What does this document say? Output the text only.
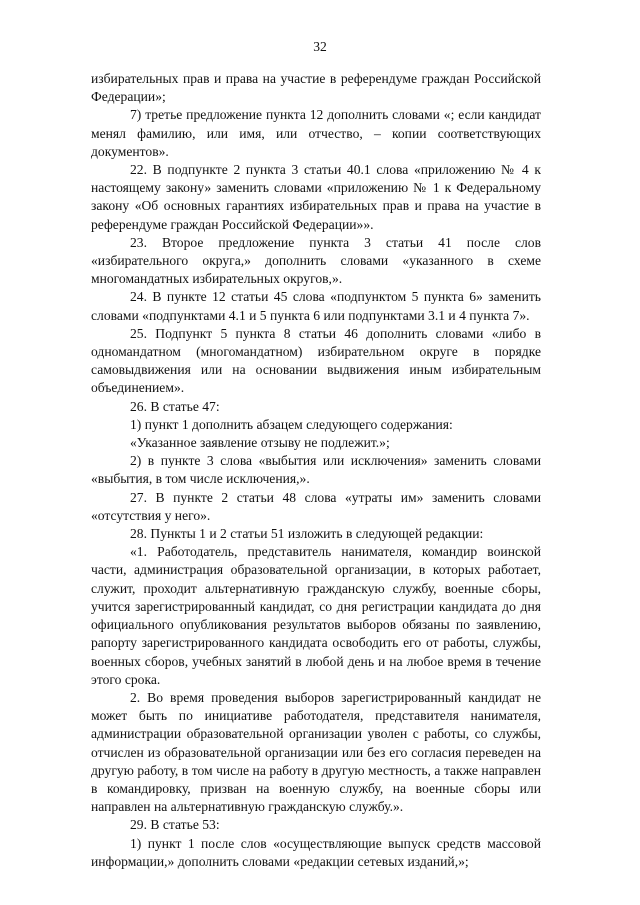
32

избирательных прав и права на участие в референдуме граждан Российской Федерации»;

7) третье предложение пункта 12 дополнить словами «; если кандидат менял фамилию, или имя, или отчество, – копии соответствующих документов».

22. В подпункте 2 пункта 3 статьи 40.1 слова «приложению № 4 к настоящему закону» заменить словами «приложению № 1 к Федеральному закону «Об основных гарантиях избирательных прав и права на участие в референдуме граждан Российской Федерации»».

23. Второе предложение пункта 3 статьи 41 после слов «избирательного округа,» дополнить словами «указанного в схеме многомандатных избирательных округов,».

24. В пункте 12 статьи 45 слова «подпунктом 5 пункта 6» заменить словами «подпунктами 4.1 и 5 пункта 6 или подпунктами 3.1 и 4 пункта 7».

25. Подпункт 5 пункта 8 статьи 46 дополнить словами «либо в одномандатном (многомандатном) избирательном округе в порядке самовыдвижения или на основании выдвижения иным избирательным объединением».

26. В статье 47:

1) пункт 1 дополнить абзацем следующего содержания:

«Указанное заявление отзыву не подлежит.»;

2) в пункте 3 слова «выбытия или исключения» заменить словами «выбытия, в том числе исключения,».

27. В пункте 2 статьи 48 слова «утраты им» заменить словами «отсутствия у него».

28. Пункты 1 и 2 статьи 51 изложить в следующей редакции:

«1. Работодатель, представитель нанимателя, командир воинской части, администрация образовательной организации, в которых работает, служит, проходит альтернативную гражданскую службу, военные сборы, учится зарегистрированный кандидат, со дня регистрации кандидата до дня официального опубликования результатов выборов обязаны по заявлению, рапорту зарегистрированного кандидата освободить его от работы, службы, военных сборов, учебных занятий в любой день и на любое время в течение этого срока.

2. Во время проведения выборов зарегистрированный кандидат не может быть по инициативе работодателя, представителя нанимателя, администрации образовательной организации уволен с работы, со службы, отчислен из образовательной организации или без его согласия переведен на другую работу, в том числе на работу в другую местность, а также направлен в командировку, призван на военную службу, на военные сборы или направлен на альтернативную гражданскую службу.».

29. В статье 53:

1) пункт 1 после слов «осуществляющие выпуск средств массовой информации,» дополнить словами «редакции сетевых изданий,»;
